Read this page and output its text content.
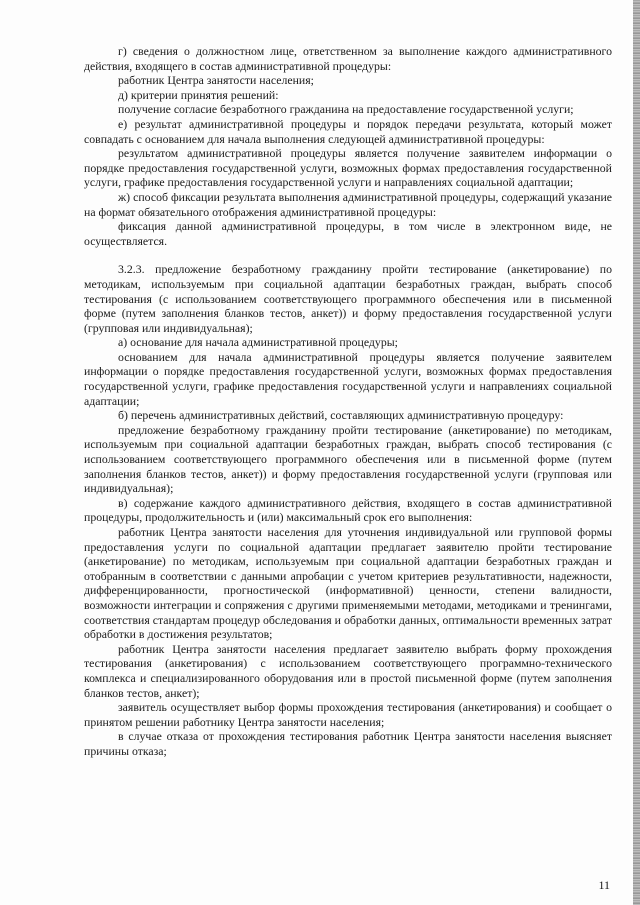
г) сведения о должностном лице, ответственном за выполнение каждого административного действия, входящего в состав административной процедуры:

работник Центра занятости населения;

д) критерии принятия решений:

получение согласие безработного гражданина на предоставление государственной услуги;

е) результат административной процедуры и порядок передачи результата, который может совпадать с основанием для начала выполнения следующей административной процедуры:

результатом административной процедуры является получение заявителем информации о порядке предоставления государственной услуги, возможных формах предоставления государственной услуги, графике предоставления государственной услуги и направлениях социальной адаптации;

ж) способ фиксации результата выполнения административной процедуры, содержащий указание на формат обязательного отображения административной процедуры:

фиксация данной административной процедуры, в том числе в электронном виде, не осуществляется.

3.2.3. предложение безработному гражданину пройти тестирование (анкетирование) по методикам, используемым при социальной адаптации безработных граждан, выбрать способ тестирования (с использованием соответствующего программного обеспечения или в письменной форме (путем заполнения бланков тестов, анкет)) и форму предоставления государственной услуги (групповая или индивидуальная);

а) основание для начала административной процедуры;

основанием для начала административной процедуры является получение заявителем информации о порядке предоставления государственной услуги, возможных формах предоставления государственной услуги, графике предоставления государственной услуги и направлениях социальной адаптации;

б) перечень административных действий, составляющих административную процедуру:

предложение безработному гражданину пройти тестирование (анкетирование) по методикам, используемым при социальной адаптации безработных граждан, выбрать способ тестирования (с использованием соответствующего программного обеспечения или в письменной форме (путем заполнения бланков тестов, анкет)) и форму предоставления государственной услуги (групповая или индивидуальная);

в) содержание каждого административного действия, входящего в состав административной процедуры, продолжительность и (или) максимальный срок его выполнения:

работник Центра занятости населения для уточнения индивидуальной или групповой формы предоставления услуги по социальной адаптации предлагает заявителю пройти тестирование (анкетирование) по методикам, используемым при социальной адаптации безработных граждан и отобранным в соответствии с данными апробации с учетом критериев результативности, надежности, дифференцированности, прогностической (информативной) ценности, степени валидности, возможности интеграции и сопряжения с другими применяемыми методами, методиками и тренингами, соответствия стандартам процедур обследования и обработки данных, оптимальности временных затрат обработки в достижения результатов;

работник Центра занятости населения предлагает заявителю выбрать форму прохождения тестирования (анкетирования) с использованием соответствующего программно-технического комплекса и специализированного оборудования или в простой письменной форме (путем заполнения бланков тестов, анкет);

заявитель осуществляет выбор формы прохождения тестирования (анкетирования) и сообщает о принятом решении работнику Центра занятости населения;

в случае отказа от прохождения тестирования работник Центра занятости населения выясняет причины отказа;

11
